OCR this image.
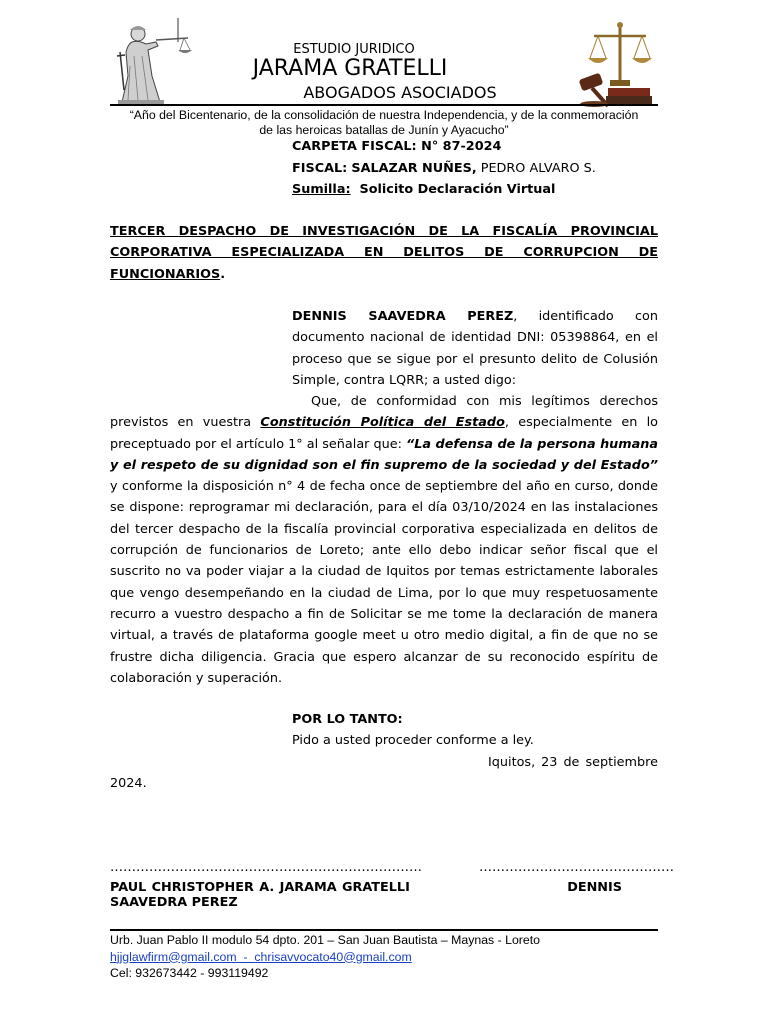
ESTUDIO JURIDICO
JARAMA GRATELLI
ABOGADOS ASOCIADOS
“Año del Bicentenario, de la consolidación de nuestra Independencia, y de la conmemoración
de las heroicas batallas de Junín y Ayacucho”
CARPETA FISCAL: N° 87-2024
FISCAL: SALAZAR NUÑES, PEDRO ALVARO S.
Sumilla: Solicito Declaración Virtual
TERCER DESPACHO DE INVESTIGACIÓN DE LA FISCALÍA PROVINCIAL CORPORATIVA ESPECIALIZADA EN DELITOS DE CORRUPCION DE FUNCIONARIOS.
DENNIS SAAVEDRA PEREZ, identificado con documento nacional de identidad DNI: 05398864, en el proceso que se sigue por el presunto delito de Colusión Simple, contra LQRR; a usted digo:
Que, de conformidad con mis legítimos derechos previstos en vuestra Constitución Política del Estado, especialmente en lo preceptuado por el artículo 1° al señalar que: “La defensa de la persona humana y el respeto de su dignidad son el fin supremo de la sociedad y del Estado” y conforme la disposición n° 4 de fecha once de septiembre del año en curso, donde se dispone: reprogramar mi declaración, para el día 03/10/2024 en las instalaciones del tercer despacho de la fiscalía provincial corporativa especializada en delitos de corrupción de funcionarios de Loreto; ante ello debo indicar señor fiscal que el suscrito no va poder viajar a la ciudad de Iquitos por temas estrictamente laborales que vengo desempeñando en la ciudad de Lima, por lo que muy respetuosamente recurro a vuestro despacho a fin de Solicitar se me tome la declaración de manera virtual, a través de plataforma google meet u otro medio digital, a fin de que no se frustre dicha diligencia. Gracia que espero alcanzar de su reconocido espíritu de colaboración y superación.
POR LO TANTO:
Pido a usted proceder conforme a ley.
Iquitos, 23 de septiembre 2024.
………………………………………………………………	………………………………………
PAUL CHRISTOPHER A. JARAMA GRATELLI	DENNIS SAAVEDRA PEREZ
Urb. Juan Pablo II modulo 54 dpto. 201 – San Juan Bautista – Maynas - Loreto
hjjglawfirm@gmail.com  -  chrisavvocato40@gmail.com
Cel: 932673442 - 993119492
